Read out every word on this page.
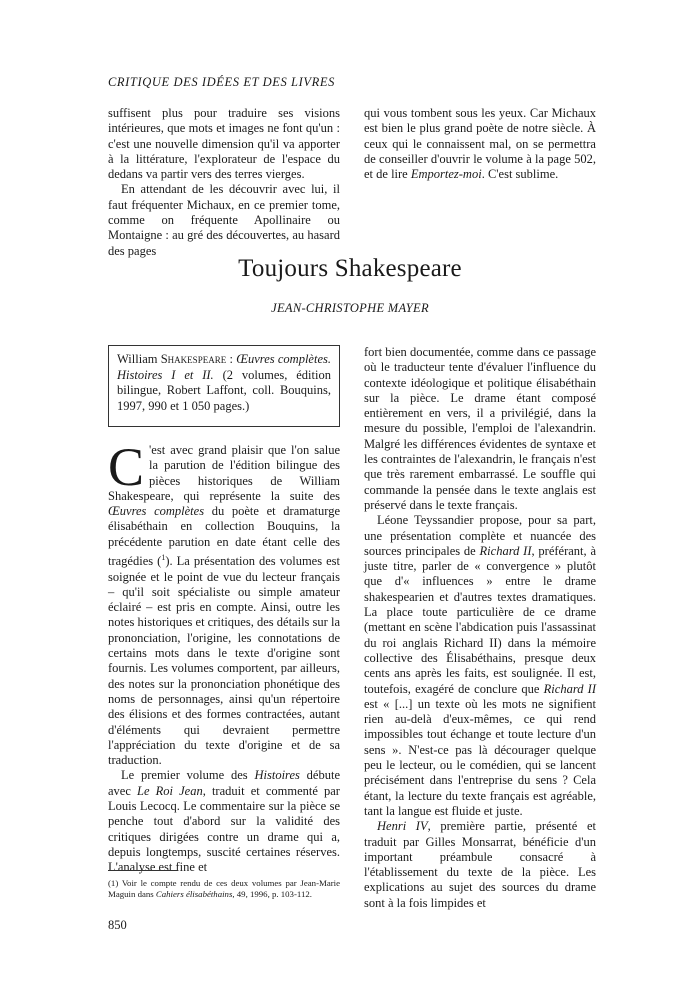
CRITIQUE DES IDÉES ET DES LIVRES

suffisent plus pour traduire ses visions intérieures, que mots et images ne font qu'un : c'est une nouvelle dimension qu'il va apporter à la littérature, l'explorateur de l'espace du dedans va partir vers des terres vierges.

En attendant de les découvrir avec lui, il faut fréquenter Michaux, en ce premier tome, comme on fréquente Apollinaire ou Montaigne : au gré des découvertes, au hasard des pages

qui vous tombent sous les yeux. Car Michaux est bien le plus grand poète de notre siècle. À ceux qui le connaissent mal, on se permettra de conseiller d'ouvrir le volume à la page 502, et de lire Emportez-moi. C'est sublime.

Toujours Shakespeare
JEAN-CHRISTOPHE MAYER
William Shakespeare : Œuvres complètes. Histoires I et II. (2 volumes, édition bilingue, Robert Laffont, coll. Bouquins, 1997, 990 et 1 050 pages.)

C 'est avec grand plaisir que l'on salue la parution de l'édition bilingue des pièces historiques de William Shakespeare, qui représente la suite des Œuvres complètes du poète et dramaturge élisabéthain en collection Bouquins, la précédente parution en date étant celle des tragédies ($^1$). La présentation des volumes est soignée et le point de vue du lecteur français – qu'il soit spécialiste ou simple amateur éclairé – est pris en compte. Ainsi, outre les notes historiques et critiques, des détails sur la prononciation, l'origine, les connotations de certains mots dans le texte d'origine sont fournis. Les volumes comportent, par ailleurs, des notes sur la prononciation phonétique des noms de personnages, ainsi qu'un répertoire des élisions et des formes contractées, autant d'éléments qui devraient permettre l'appréciation du texte d'origine et de sa traduction.

Le premier volume des Histoires débute avec Le Roi Jean, traduit et commenté par Louis Lecocq. Le commentaire sur la pièce se penche tout d'abord sur la validité des critiques dirigées contre un drame qui a, depuis longtemps, suscité certaines réserves. L'analyse est fine et

fort bien documentée, comme dans ce passage où le traducteur tente d'évaluer l'influence du contexte idéologique et politique élisabéthain sur la pièce. Le drame étant composé entièrement en vers, il a privilégié, dans la mesure du possible, l'emploi de l'alexandrin. Malgré les différences évidentes de syntaxe et les contraintes de l'alexandrin, le français n'est que très rarement embarrassé. Le souffle qui commande la pensée dans le texte anglais est préservé dans le texte français.

Léone Teyssandier propose, pour sa part, une présentation complète et nuancée des sources principales de Richard II, préférant, à juste titre, parler de « convergence » plutôt que d'« influences » entre le drame shakespearien et d'autres textes dramatiques. La place toute particulière de ce drame (mettant en scène l'abdication puis l'assassinat du roi anglais Richard II) dans la mémoire collective des Élisabéthains, presque deux cents ans après les faits, est soulignée. Il est, toutefois, exagéré de conclure que Richard II est « [...] un texte où les mots ne signifient rien au-delà d'eux-mêmes, ce qui rend impossibles tout échange et toute lecture d'un sens ». N'est-ce pas là décourager quelque peu le lecteur, ou le comédien, qui se lancent précisément dans l'entreprise du sens ? Cela étant, la lecture du texte français est agréable, tant la langue est fluide et juste.

Henri IV, première partie, présenté et traduit par Gilles Monsarrat, bénéficie d'un important préambule consacré à l'établissement du texte de la pièce. Les explications au sujet des sources du drame sont à la fois limpides et

(1) Voir le compte rendu de ces deux volumes par Jean-Marie Maguin dans Cahiers élisabéthains, 49, 1996, p. 103-112.
850
